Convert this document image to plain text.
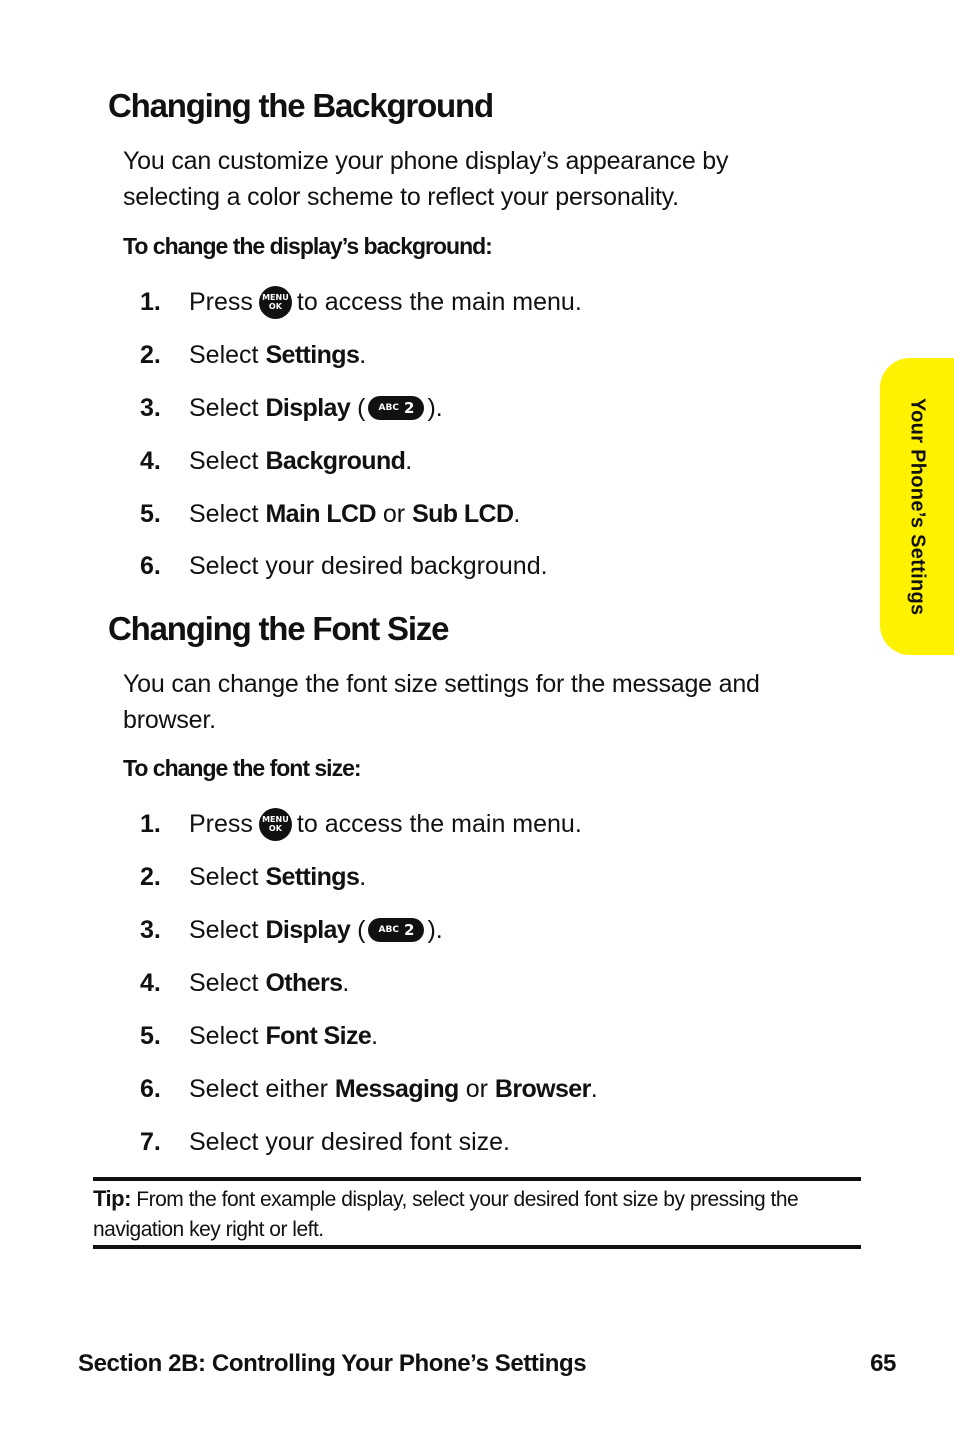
Changing the Background

You can customize your phone display’s appearance by selecting a color scheme to reflect your personality.

To change the display’s background:

1.	Press MENU
OK to access the main menu.
2.	Select
Settings .
3.	Select
Display
( ABC 2 ).
4.	Select
Background .
5.	Select
Main LCD
or
Sub LCD .
6.	Select your desired background.
Changing the Font Size

You can change the font size settings for the message and browser.

To change the font size:

1.	Press MENU
OK to access the main menu.
2.	Select
Settings .
3.	Select
Display
( ABC 2 ).
4.	Select
Others .
5.	Select
Font Size .
6.	Select either
Messaging
or
Browser .
7.	Select your desired font size.

Tip: From the font example display, select your desired font size by pressing the navigation key right or left.

Your Phone’s Settings
Section 2B: Controlling Your Phone’s Settings	65
